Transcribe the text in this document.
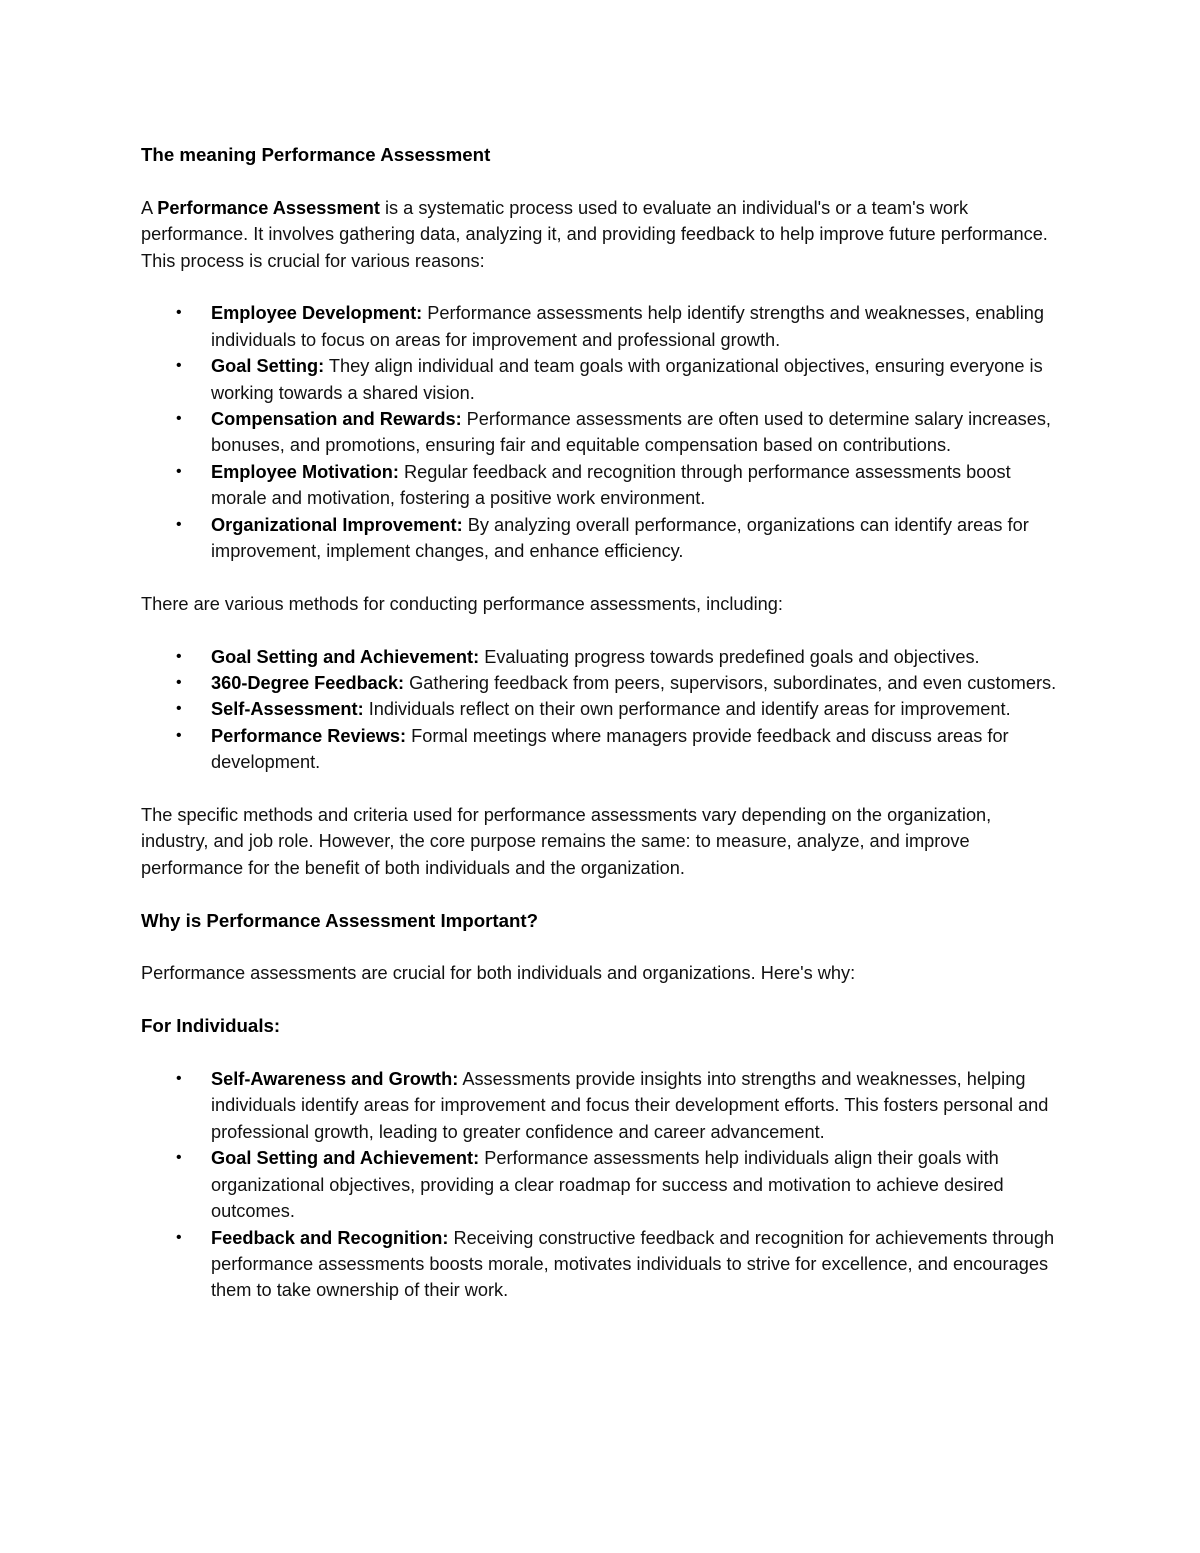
The meaning Performance Assessment

A Performance Assessment is a systematic process used to evaluate an individual's or a team's work performance. It involves gathering data, analyzing it, and providing feedback to help improve future performance. This process is crucial for various reasons:

• Employee Development: Performance assessments help identify strengths and weaknesses, enabling individuals to focus on areas for improvement and professional growth.
• Goal Setting: They align individual and team goals with organizational objectives, ensuring everyone is working towards a shared vision.
• Compensation and Rewards: Performance assessments are often used to determine salary increases, bonuses, and promotions, ensuring fair and equitable compensation based on contributions.
• Employee Motivation: Regular feedback and recognition through performance assessments boost morale and motivation, fostering a positive work environment.
• Organizational Improvement: By analyzing overall performance, organizations can identify areas for improvement, implement changes, and enhance efficiency.

There are various methods for conducting performance assessments, including:

• Goal Setting and Achievement: Evaluating progress towards predefined goals and objectives.
• 360-Degree Feedback: Gathering feedback from peers, supervisors, subordinates, and even customers.
• Self-Assessment: Individuals reflect on their own performance and identify areas for improvement.
• Performance Reviews: Formal meetings where managers provide feedback and discuss areas for development.

The specific methods and criteria used for performance assessments vary depending on the organization, industry, and job role. However, the core purpose remains the same: to measure, analyze, and improve performance for the benefit of both individuals and the organization.

Why is Performance Assessment Important?

Performance assessments are crucial for both individuals and organizations. Here's why:

For Individuals:
• Self-Awareness and Growth: Assessments provide insights into strengths and weaknesses, helping individuals identify areas for improvement and focus their development efforts. This fosters personal and professional growth, leading to greater confidence and career advancement.
• Goal Setting and Achievement: Performance assessments help individuals align their goals with organizational objectives, providing a clear roadmap for success and motivation to achieve desired outcomes.
• Feedback and Recognition: Receiving constructive feedback and recognition for achievements through performance assessments boosts morale, motivates individuals to strive for excellence, and encourages them to take ownership of their work.
